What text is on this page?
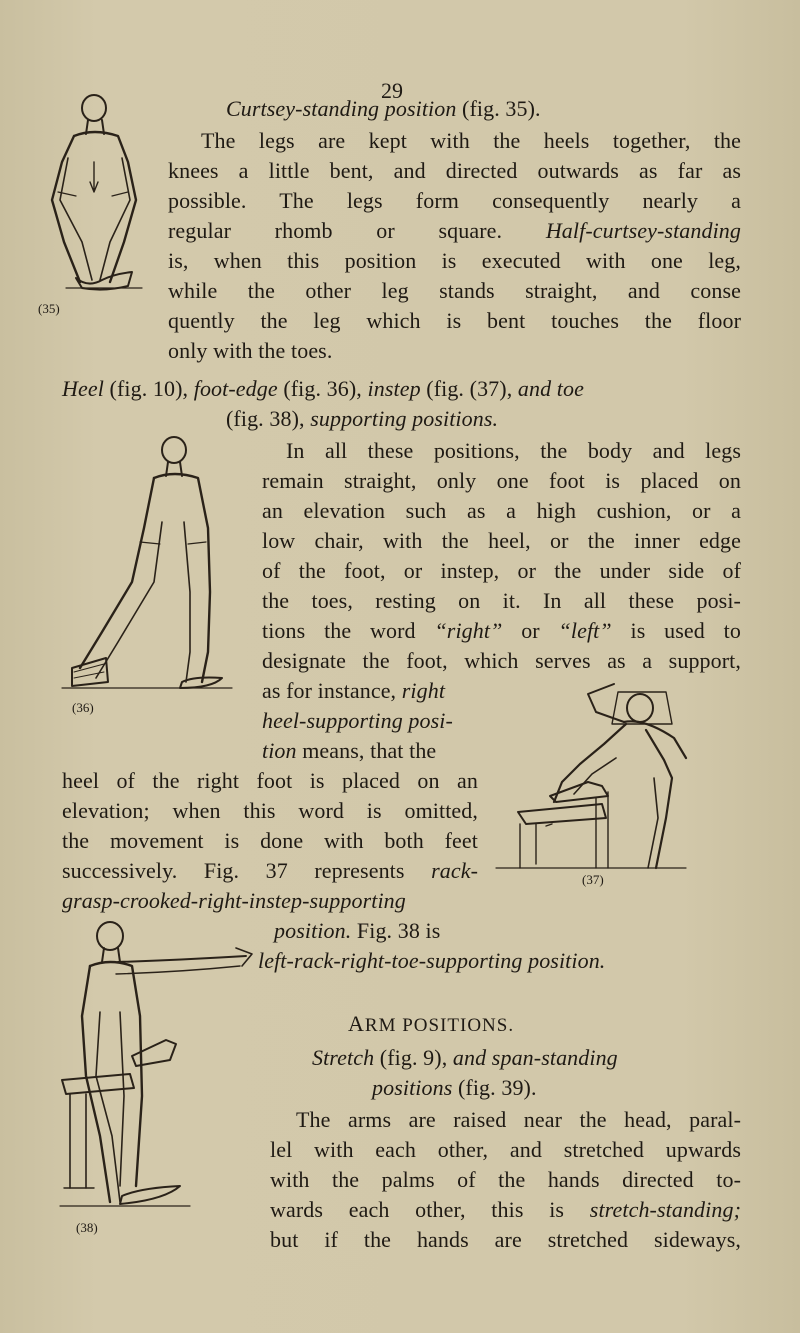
29
(35)
Curtsey-standing position (fig. 35).
The legs are kept with the heels together, the
knees a little bent, and directed outwards as far as
possible. The legs form consequently nearly a
regular rhomb or square. Half-curtsey-standing
is, when this position is executed with one leg,
while the other leg stands straight, and conse
quently the leg which is bent touches the floor
only with the toes.
Heel (fig. 10), foot-edge (fig. 36), instep (fig. (37), and toe
(fig. 38), supporting positions.
(36)
In all these positions, the body and legs
remain straight, only one foot is placed on
an elevation such as a high cushion, or a
low chair, with the heel, or the inner edge
of the foot, or instep, or the under side of
the toes, resting on it. In all these posi-
tions the word “right” or “left” is used to
designate the foot, which serves as a support,
as for instance, right
heel-supporting posi-
tion means, that the
(37)
heel of the right foot is placed on an
elevation; when this word is omitted,
the movement is done with both feet
successively. Fig. 37 represents rack-
grasp-crooked-right-instep-supporting
position. Fig. 38 is
left-rack-right-toe-supporting position.
(38)
ARM POSITIONS.
Stretch (fig. 9), and span-standing
positions (fig. 39).
The arms are raised near the head, paral-
lel with each other, and stretched upwards
with the palms of the hands directed to-
wards each other, this is stretch-standing;
but if the hands are stretched sideways,
